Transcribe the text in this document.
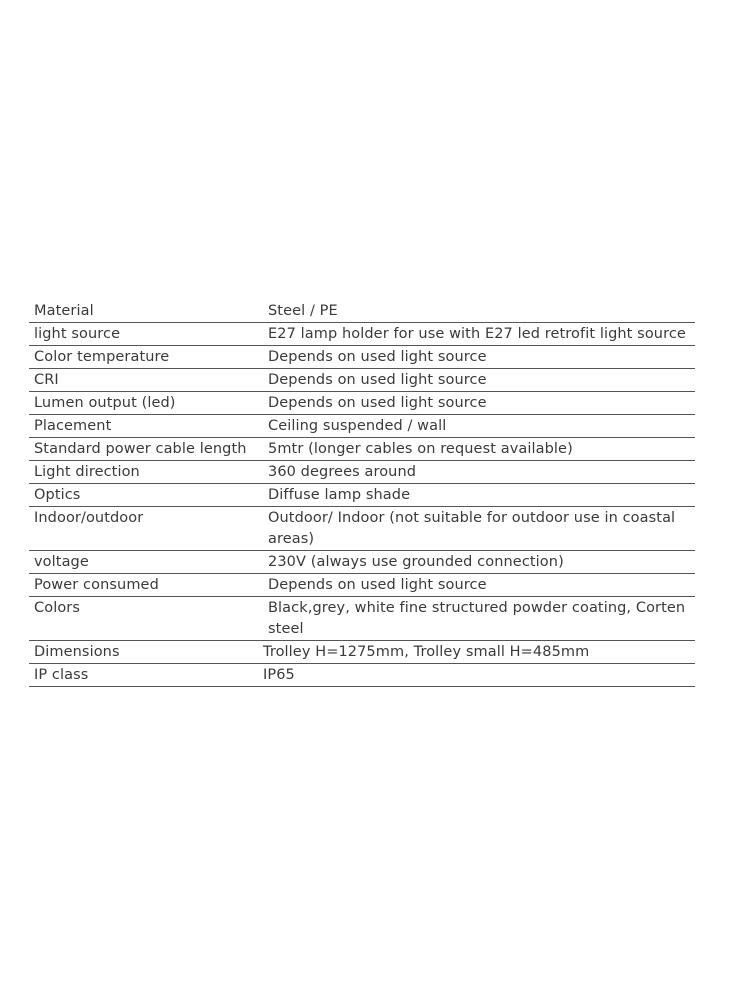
Material	Steel / PE
light source	E27 lamp holder for use with E27 led retrofit light source
Color temperature	Depends on used light source
CRI	Depends on used light source
Lumen output (led)	Depends on used light source
Placement	Ceiling suspended / wall
Standard power cable length	5mtr (longer cables on request available)
Light direction	360 degrees around
Optics	Diffuse lamp shade
Indoor/outdoor	Outdoor/ Indoor (not suitable for outdoor use in coastal areas)
voltage	230V (always use grounded connection)
Power consumed	Depends on used light source
Colors	Black,grey, white fine structured powder coating, Corten steel
Dimensions	Trolley H=1275mm, Trolley small H=485mm
IP class	IP65
